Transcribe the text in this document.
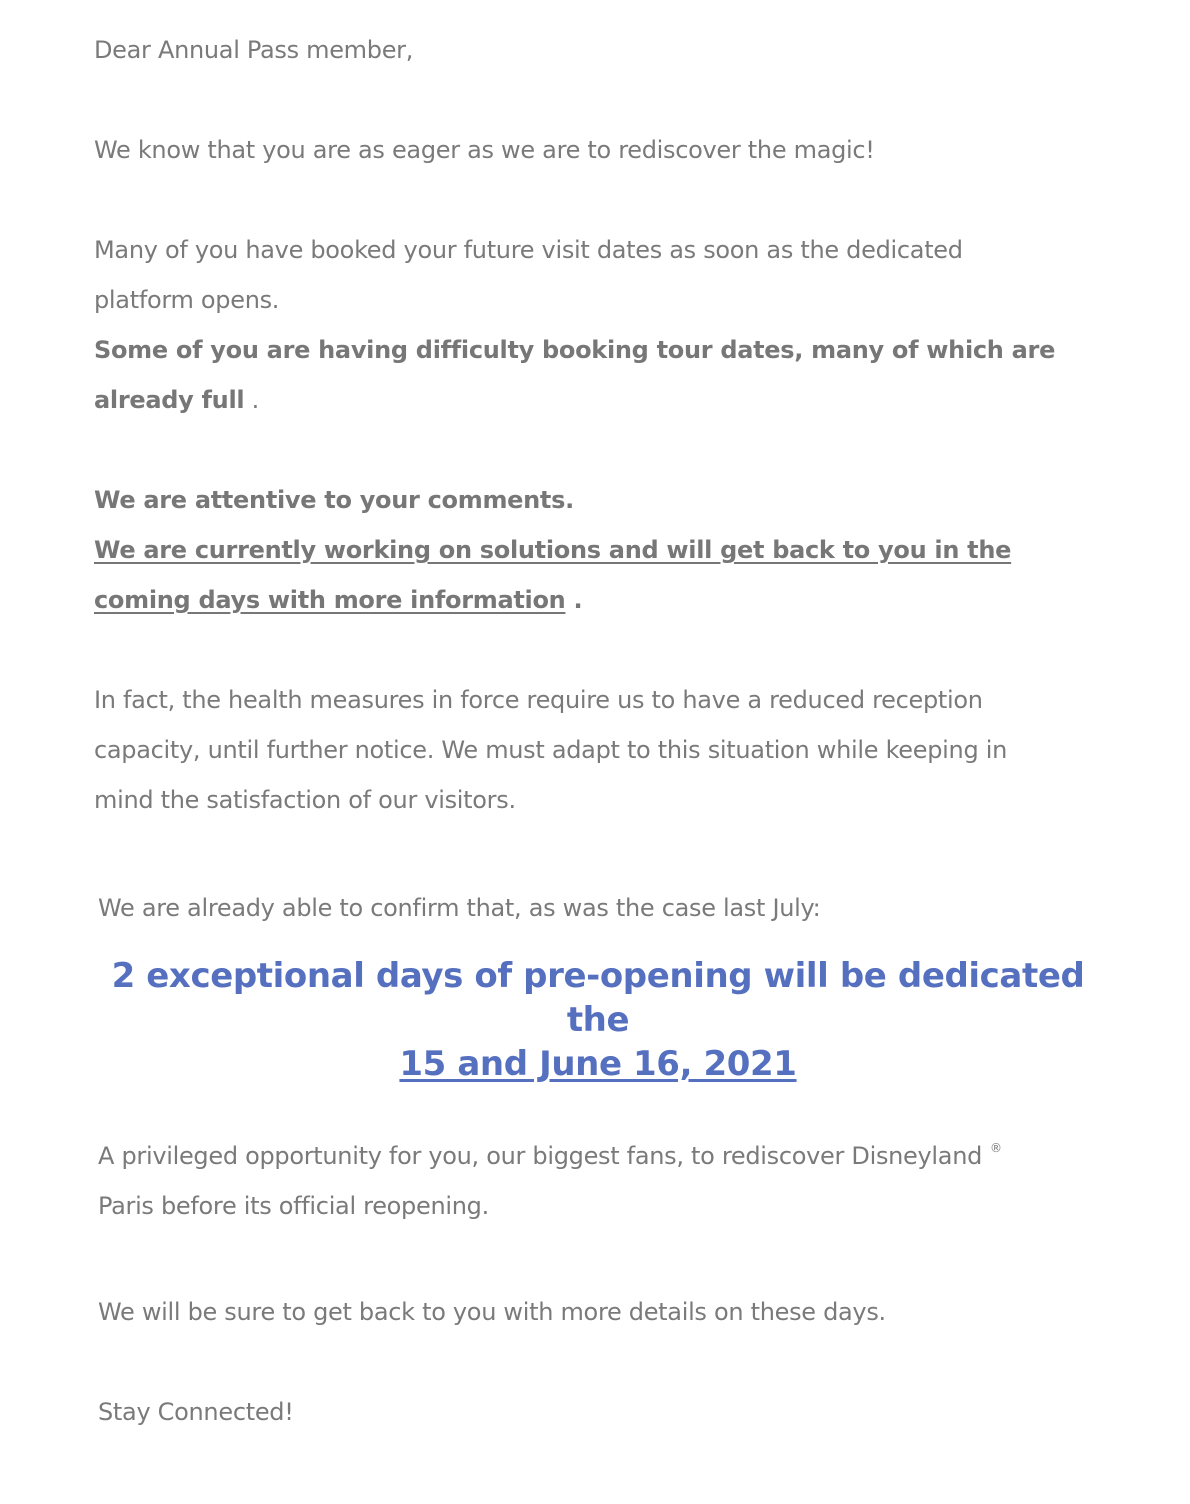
Dear Annual Pass member,

We know that you are as eager as we are to rediscover the magic!

Many of you have booked your future visit dates as soon as the dedicated

platform opens.

Some of you are having difficulty booking tour dates, many of which are

already full .

We are attentive to your comments.

We are currently working on solutions and will get back to you in the

coming days with more information .

In fact, the health measures in force require us to have a reduced reception

capacity, until further notice. We must adapt to this situation while keeping in

mind the satisfaction of our visitors.

We are already able to confirm that, as was the case last July:

2 exceptional days of pre-opening will be dedicated
the
15 and June 16, 2021

A privileged opportunity for you, our biggest fans, to rediscover Disneyland ®

Paris before its official reopening.

We will be sure to get back to you with more details on these days.

Stay Connected!
